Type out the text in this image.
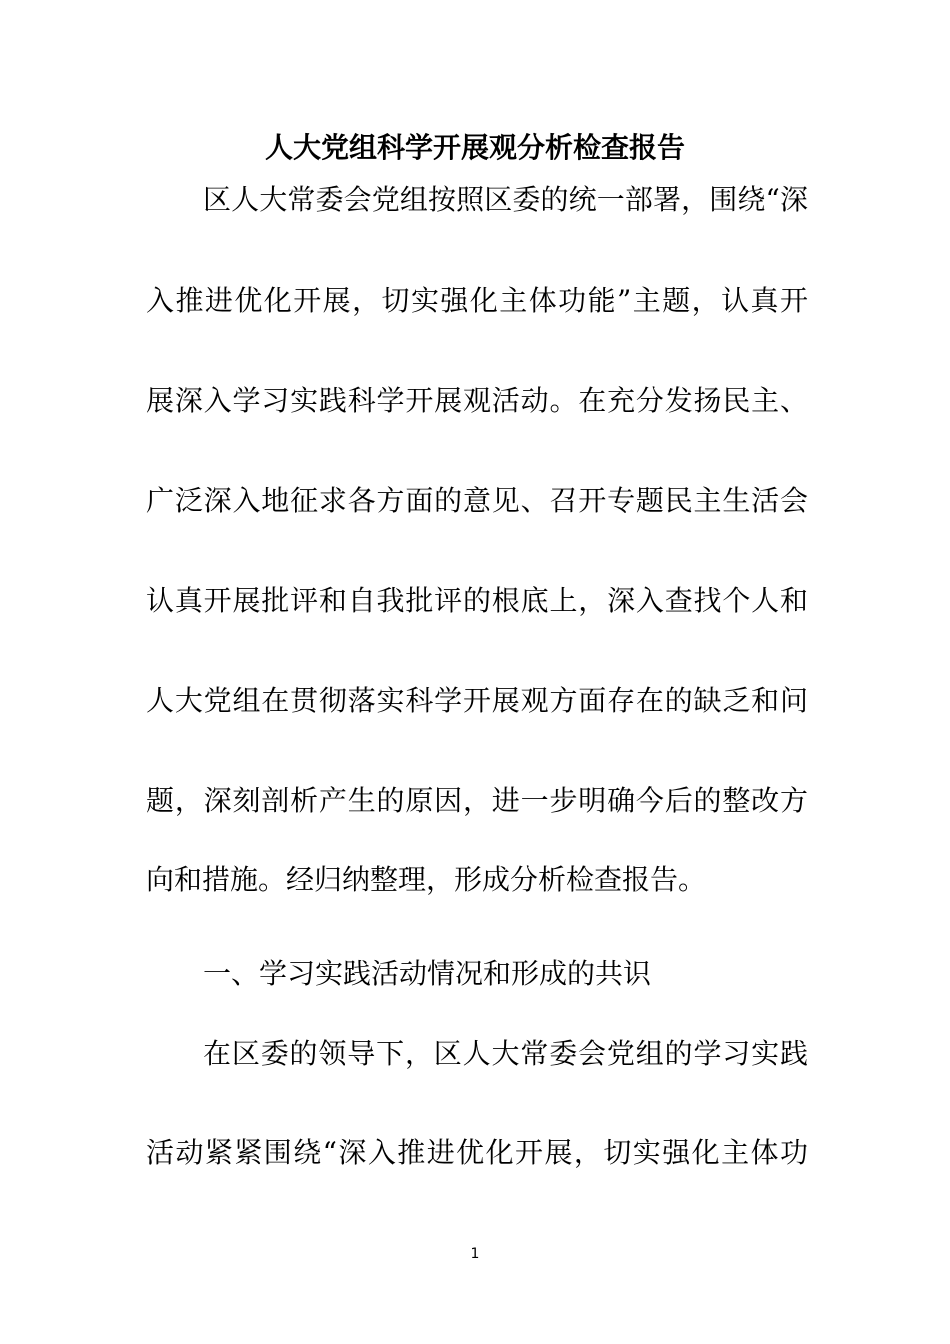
人大党组科学开展观分析检查报告

区人大常委会党组按照区委的统一部署，围绕“深

入推进优化开展，切实强化主体功能”主题，认真开

展深入学习实践科学开展观活动。在充分发扬民主、

广泛深入地征求各方面的意见、召开专题民主生活会

认真开展批评和自我批评的根底上，深入查找个人和

人大党组在贯彻落实科学开展观方面存在的缺乏和问

题，深刻剖析产生的原因，进一步明确今后的整改方

向和措施。经归纳整理，形成分析检查报告。

一、学习实践活动情况和形成的共识

在区委的领导下，区人大常委会党组的学习实践

活动紧紧围绕“深入推进优化开展，切实强化主体功

1
